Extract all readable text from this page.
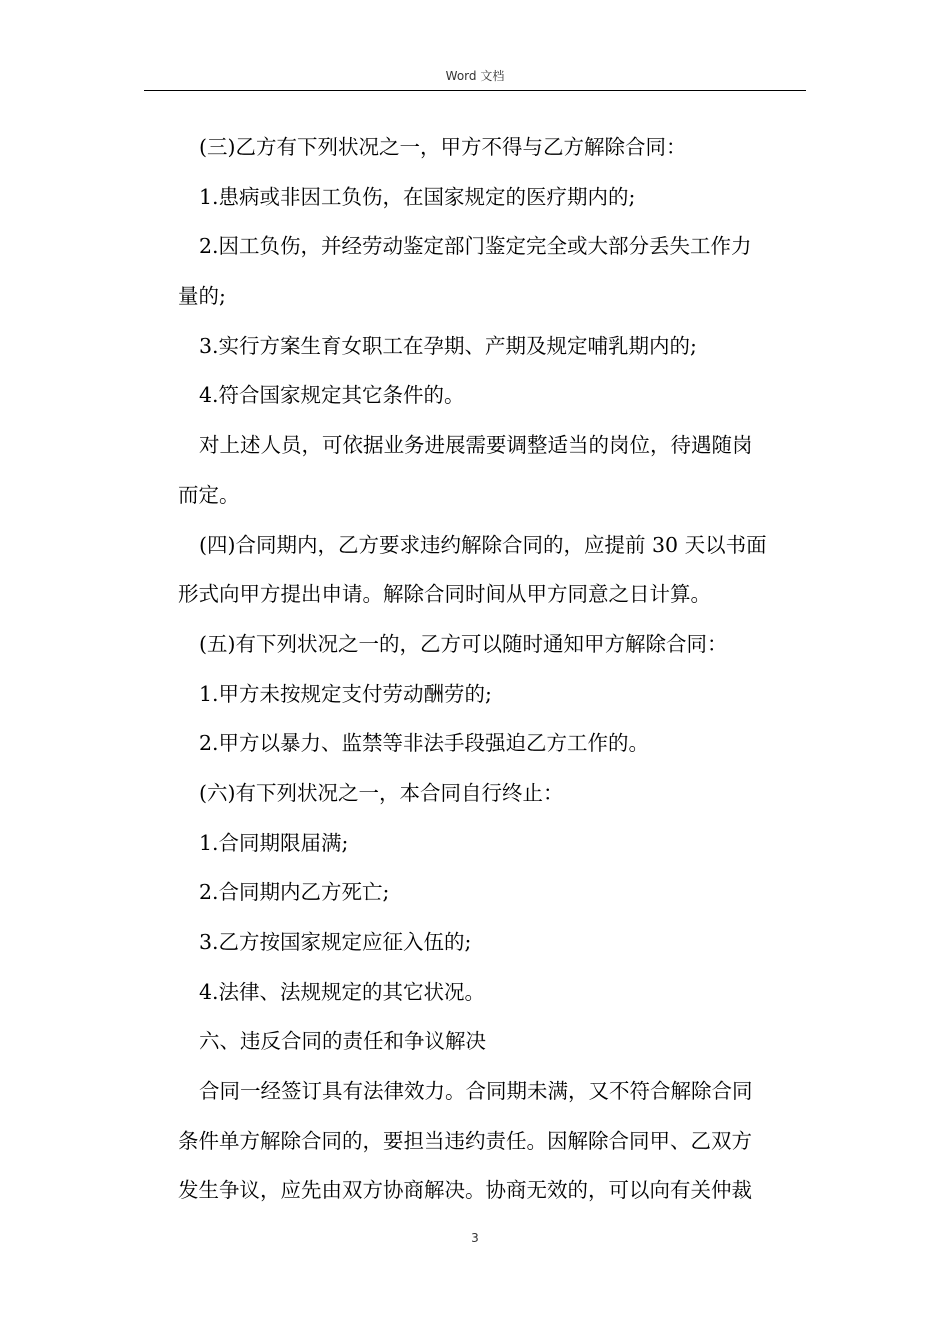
Word 文档
(三)乙方有下列状况之一，甲方不得与乙方解除合同：
1.患病或非因工负伤，在国家规定的医疗期内的;
2.因工负伤，并经劳动鉴定部门鉴定完全或大部分丢失工作力
量的;
3.实行方案生育女职工在孕期、产期及规定哺乳期内的;
4.符合国家规定其它条件的。
对上述人员，可依据业务进展需要调整适当的岗位，待遇随岗
而定。
(四)合同期内，乙方要求违约解除合同的，应提前 30 天以书面
形式向甲方提出申请。解除合同时间从甲方同意之日计算。
(五)有下列状况之一的，乙方可以随时通知甲方解除合同：
1.甲方未按规定支付劳动酬劳的;
2.甲方以暴力、监禁等非法手段强迫乙方工作的。
(六)有下列状况之一，本合同自行终止：
1.合同期限届满;
2.合同期内乙方死亡;
3.乙方按国家规定应征入伍的;
4.法律、法规规定的其它状况。
六、违反合同的责任和争议解决
合同一经签订具有法律效力。合同期未满，又不符合解除合同
条件单方解除合同的，要担当违约责任。因解除合同甲、乙双方
发生争议，应先由双方协商解决。协商无效的，可以向有关仲裁
3
